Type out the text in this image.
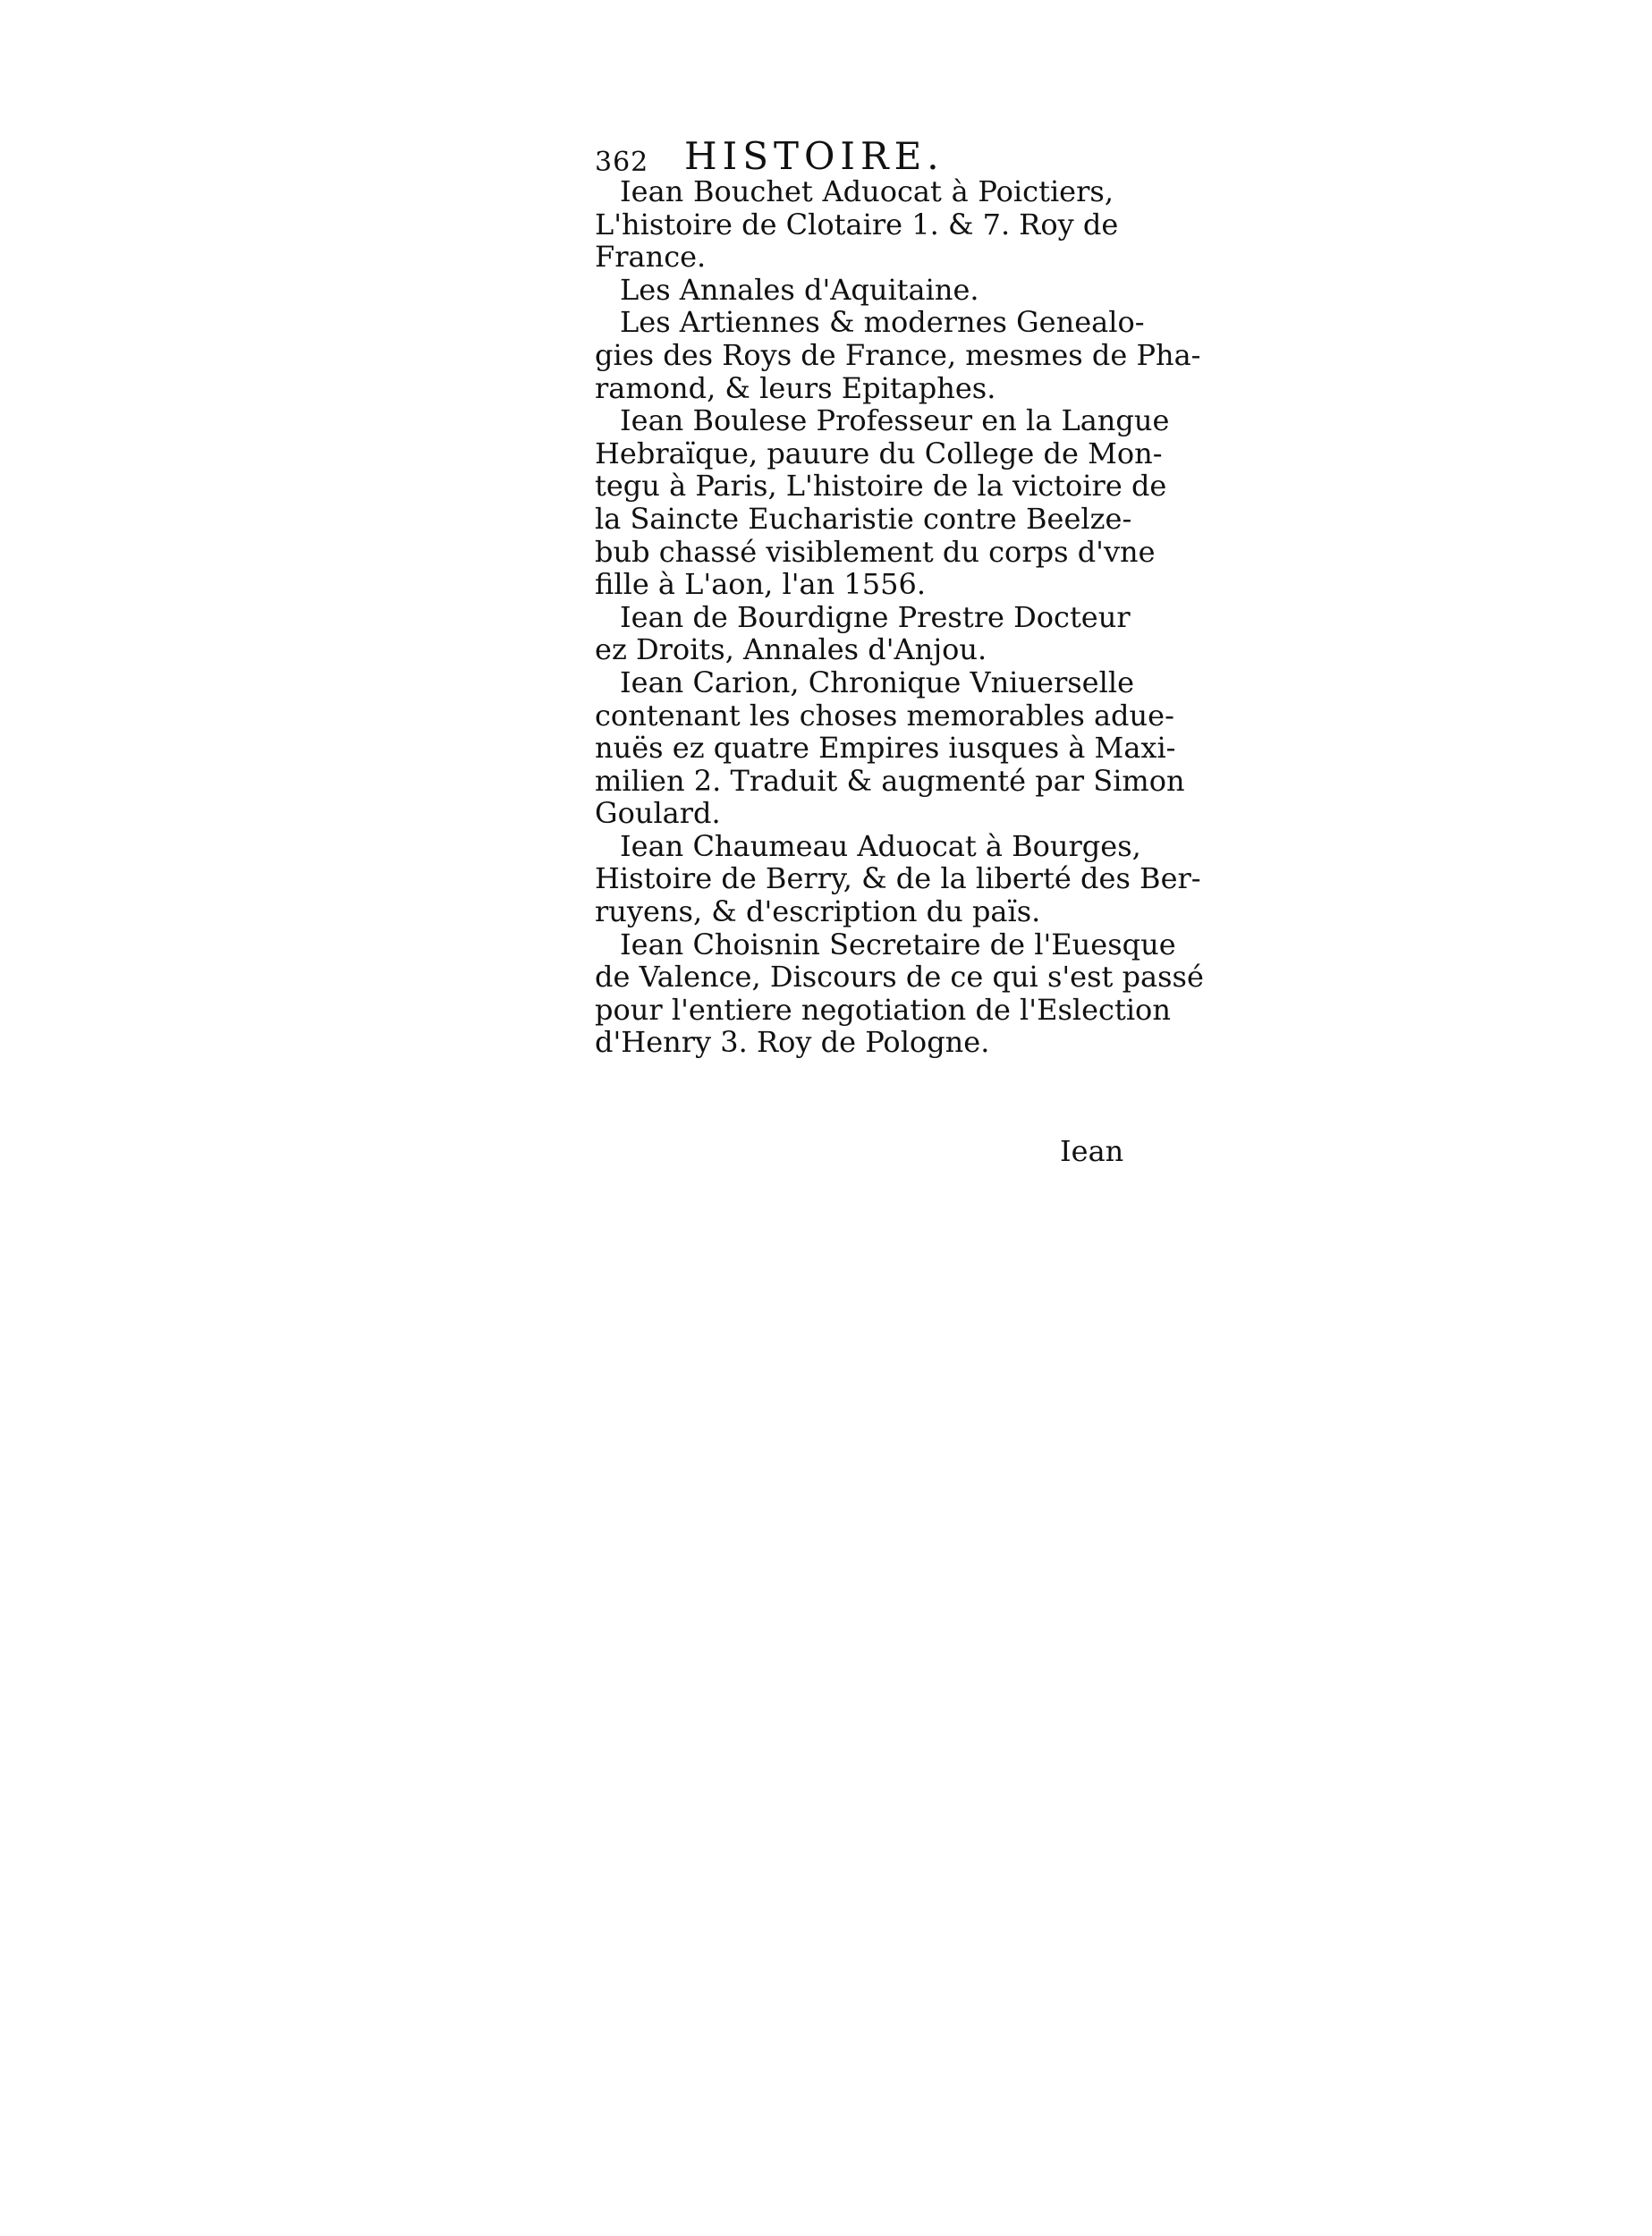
362 HISTOIRE.
Iean Bouchet Aduocat à Poictiers,
L'histoire de Clotaire 1. & 7. Roy de
France.
Les Annales d'Aquitaine.
Les Artiennes & modernes Genealo-
gies des Roys de France, mesmes de Pha-
ramond, & leurs Epitaphes.
Iean Boulese Professeur en la Langue
Hebraïque, pauure du College de Mon-
tegu à Paris, L'histoire de la victoire de
la Saincte Eucharistie contre Beelze-
bub chassé visiblement du corps d'vne
fille à L'aon, l'an 1556.
Iean de Bourdigne Prestre Docteur
ez Droits, Annales d'Anjou.
Iean Carion, Chronique Vniuerselle
contenant les choses memorables adue-
nuës ez quatre Empires iusques à Maxi-
milien 2. Traduit & augmenté par Simon
Goulard.
Iean Chaumeau Aduocat à Bourges,
Histoire de Berry, & de la liberté des Ber-
ruyens, & d'escription du païs.
Iean Choisnin Secretaire de l'Euesque
de Valence, Discours de ce qui s'est passé
pour l'entiere negotiation de l'Eslection
d'Henry 3. Roy de Pologne.
Iean
